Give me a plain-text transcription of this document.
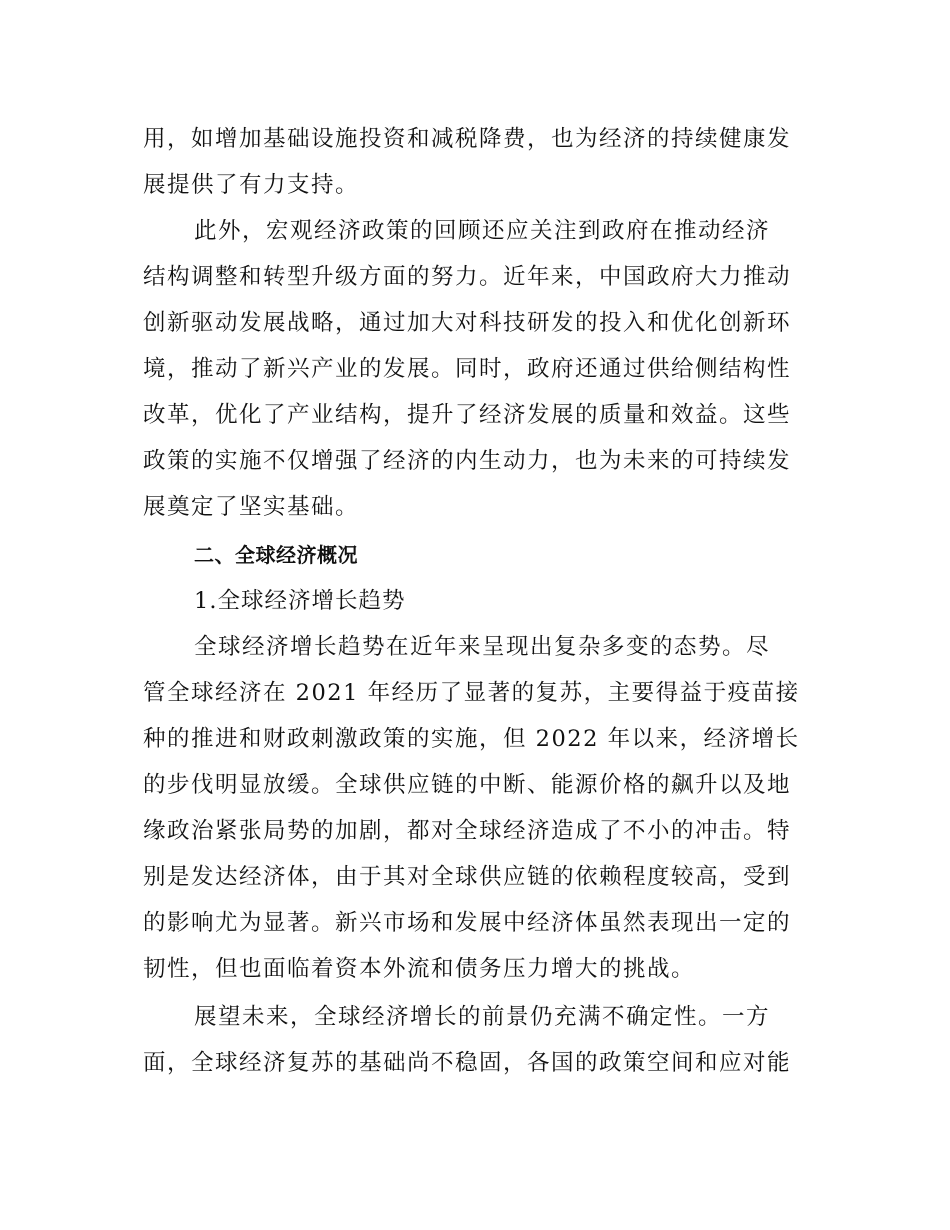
用，如增加基础设施投资和减税降费，也为经济的持续健康发
展提供了有力支持。
此外，宏观经济政策的回顾还应关注到政府在推动经济
结构调整和转型升级方面的努力。近年来，中国政府大力推动
创新驱动发展战略，通过加大对科技研发的投入和优化创新环
境，推动了新兴产业的发展。同时，政府还通过供给侧结构性
改革，优化了产业结构，提升了经济发展的质量和效益。这些
政策的实施不仅增强了经济的内生动力，也为未来的可持续发
展奠定了坚实基础。
二、全球经济概况
1.全球经济增长趋势
全球经济增长趋势在近年来呈现出复杂多变的态势。尽
管全球经济在 2021 年经历了显著的复苏，主要得益于疫苗接
种的推进和财政刺激政策的实施，但 2022 年以来，经济增长
的步伐明显放缓。全球供应链的中断、能源价格的飙升以及地
缘政治紧张局势的加剧，都对全球经济造成了不小的冲击。特
别是发达经济体，由于其对全球供应链的依赖程度较高，受到
的影响尤为显著。新兴市场和发展中经济体虽然表现出一定的
韧性，但也面临着资本外流和债务压力增大的挑战。
展望未来，全球经济增长的前景仍充满不确定性。一方
面，全球经济复苏的基础尚不稳固，各国的政策空间和应对能
